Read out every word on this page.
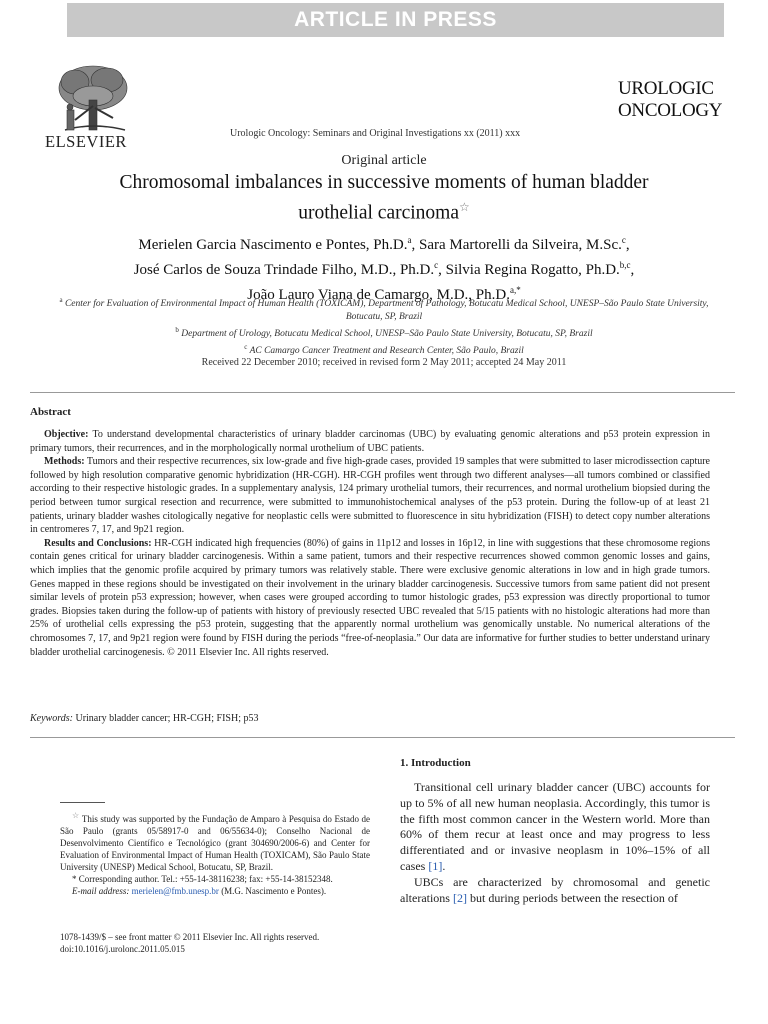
ARTICLE IN PRESS
ELSEVIER
UROLOGIC
ONCOLOGY
Urologic Oncology: Seminars and Original Investigations xx (2011) xxx
Original article
Chromosomal imbalances in successive moments of human bladder urothelial carcinoma☆
Merielen Garcia Nascimento e Pontes, Ph.D.$^a$, Sara Martorelli da Silveira, M.Sc.$^c$,
José Carlos de Souza Trindade Filho, M.D., Ph.D.$^c$, Silvia Regina Rogatto, Ph.D.$^{b,c}$,
João Lauro Viana de Camargo, M.D., Ph.D.$^{a,*}$
$^a$ Center for Evaluation of Environmental Impact of Human Health (TOXICAM), Department of Pathology, Botucatu Medical School, UNESP–São Paulo State University, Botucatu, SP, Brazil
$^b$ Department of Urology, Botucatu Medical School, UNESP–São Paulo State University, Botucatu, SP, Brazil
$^c$ AC Camargo Cancer Treatment and Research Center, São Paulo, Brazil
Received 22 December 2010; received in revised form 2 May 2011; accepted 24 May 2011
Abstract

Objective: To understand developmental characteristics of urinary bladder carcinomas (UBC) by evaluating genomic alterations and p53 protein expression in primary tumors, their recurrences, and in the morphologically normal urothelium of UBC patients.

Methods: Tumors and their respective recurrences, six low-grade and five high-grade cases, provided 19 samples that were submitted to laser microdissection capture followed by high resolution comparative genomic hybridization (HR-CGH). HR-CGH profiles went through two different analyses—all tumors combined or classified according to their respective histologic grades. In a supplementary analysis, 124 primary urothelial tumors, their recurrences, and normal urothelium biopsied during the period between tumor surgical resection and recurrence, were submitted to immunohistochemical analyses of the p53 protein. During the follow-up of at least 21 patients, urinary bladder washes citologically negative for neoplastic cells were submitted to fluorescence in situ hybridization (FISH) to detect copy number alterations in centromeres 7, 17, and 9p21 region.

Results and Conclusions: HR-CGH indicated high frequencies (80%) of gains in 11p12 and losses in 16p12, in line with suggestions that these chromosome regions contain genes critical for urinary bladder carcinogenesis. Within a same patient, tumors and their respective recurrences showed common genomic losses and gains, which implies that the genomic profile acquired by primary tumors was relatively stable. There were exclusive genomic alterations in low and in high grade tumors. Genes mapped in these regions should be investigated on their involvement in the urinary bladder carcinogenesis. Successive tumors from same patient did not present similar levels of protein p53 expression; however, when cases were grouped according to tumor histologic grades, p53 expression was directly proportional to tumor grades. Biopsies taken during the follow-up of patients with history of previously resected UBC revealed that 5/15 patients with no histologic alterations had more than 25% of urothelial cells expressing the p53 protein, suggesting that the apparently normal urothelium was genomically unstable. No numerical alterations of the chromosomes 7, 17, and 9p21 region were found by FISH during the periods “free-of-neoplasia.” Our data are informative for further studies to better understand urinary bladder urothelial carcinogenesis. © 2011 Elsevier Inc. All rights reserved.

Keywords: Urinary bladder cancer; HR-CGH; FISH; p53
1. Introduction

Transitional cell urinary bladder cancer (UBC) accounts for up to 5% of all new human neoplasia. Accordingly, this tumor is the fifth most common cancer in the Western world. More than 60% of them recur at least once and may progress to less differentiated and or invasive neoplasm in 10%–15% of all cases [1].

UBCs are characterized by chromosomal and genetic alterations [2] but during periods between the resection of

☆ This study was supported by the Fundação de Amparo à Pesquisa do Estado de São Paulo (grants 05/58917-0 and 06/55634-0); Conselho Nacional de Desenvolvimento Científico e Tecnológico (grant 304690/2006-6) and Center for Evaluation of Environmental Impact of Human Health (TOXICAM), São Paulo State University (UNESP) Medical School, Botucatu, SP, Brazil.

* Corresponding author. Tel.: +55-14-38116238; fax: +55-14-38152348.

E-mail address: merielen@fmb.unesp.br (M.G. Nascimento e Pontes).

1078-1439/$ – see front matter © 2011 Elsevier Inc. All rights reserved.
doi:10.1016/j.urolonc.2011.05.015
